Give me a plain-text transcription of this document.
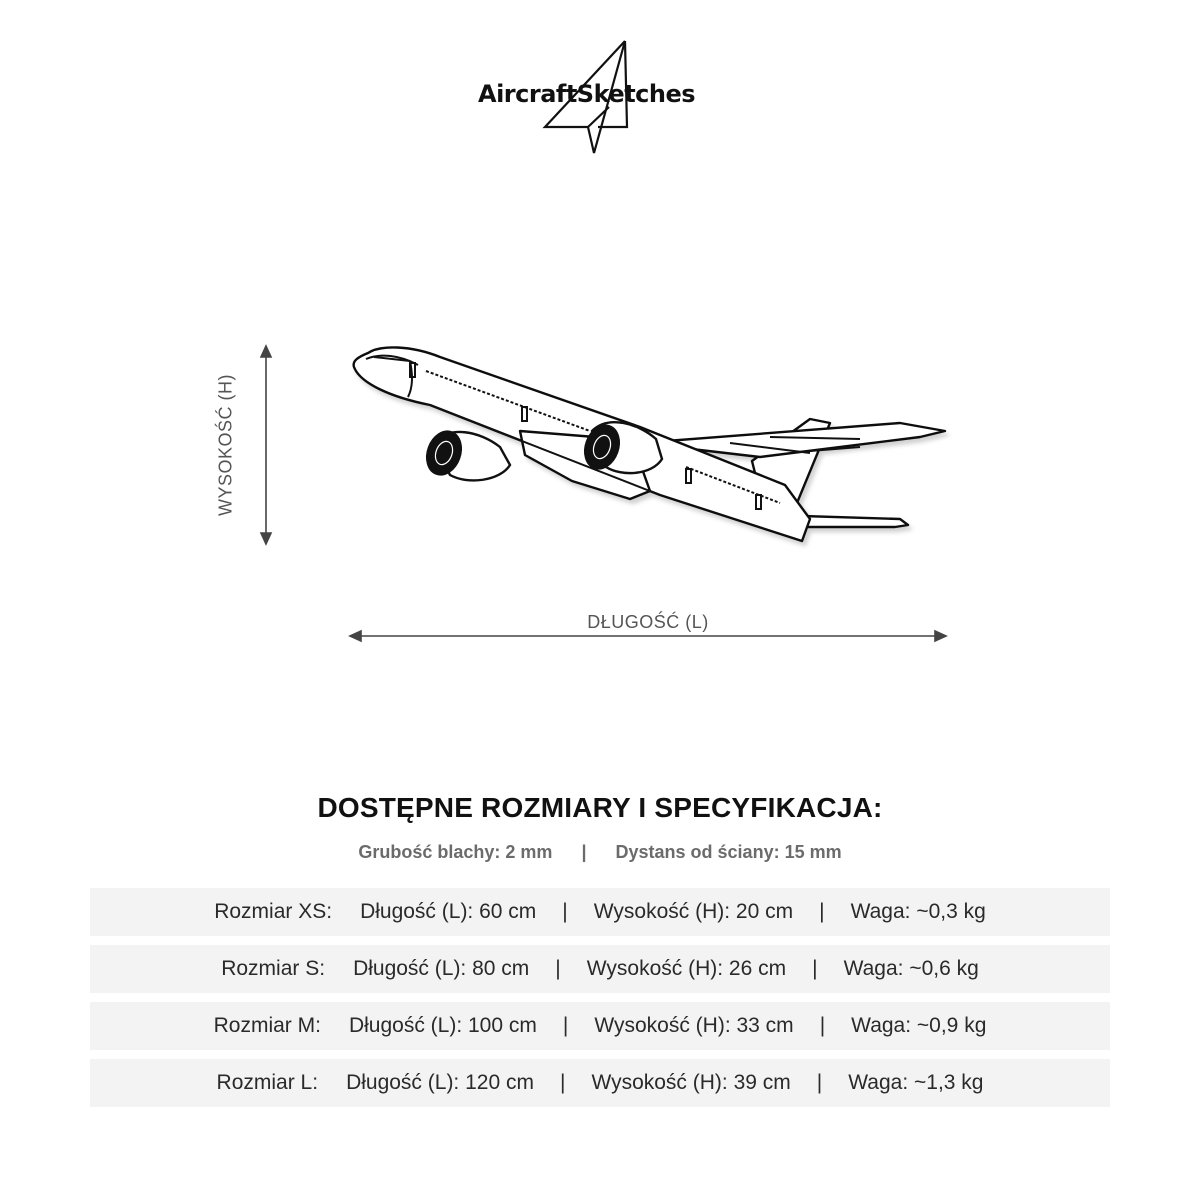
AircraftSketches
WYSOKOŚĆ (H)
DŁUGOŚĆ (L)
DOSTĘPNE ROZMIARY I SPECYFIKACJA:
Grubość blachy: 2 mm | Dystans od ściany: 15 mm
Rozmiar XS: Długość (L): 60 cm | Wysokość (H): 20 cm | Waga: ~0,3 kg
Rozmiar S: Długość (L): 80 cm | Wysokość (H): 26 cm | Waga: ~0,6 kg
Rozmiar M: Długość (L): 100 cm | Wysokość (H): 33 cm | Waga: ~0,9 kg
Rozmiar L: Długość (L): 120 cm | Wysokość (H): 39 cm | Waga: ~1,3 kg
